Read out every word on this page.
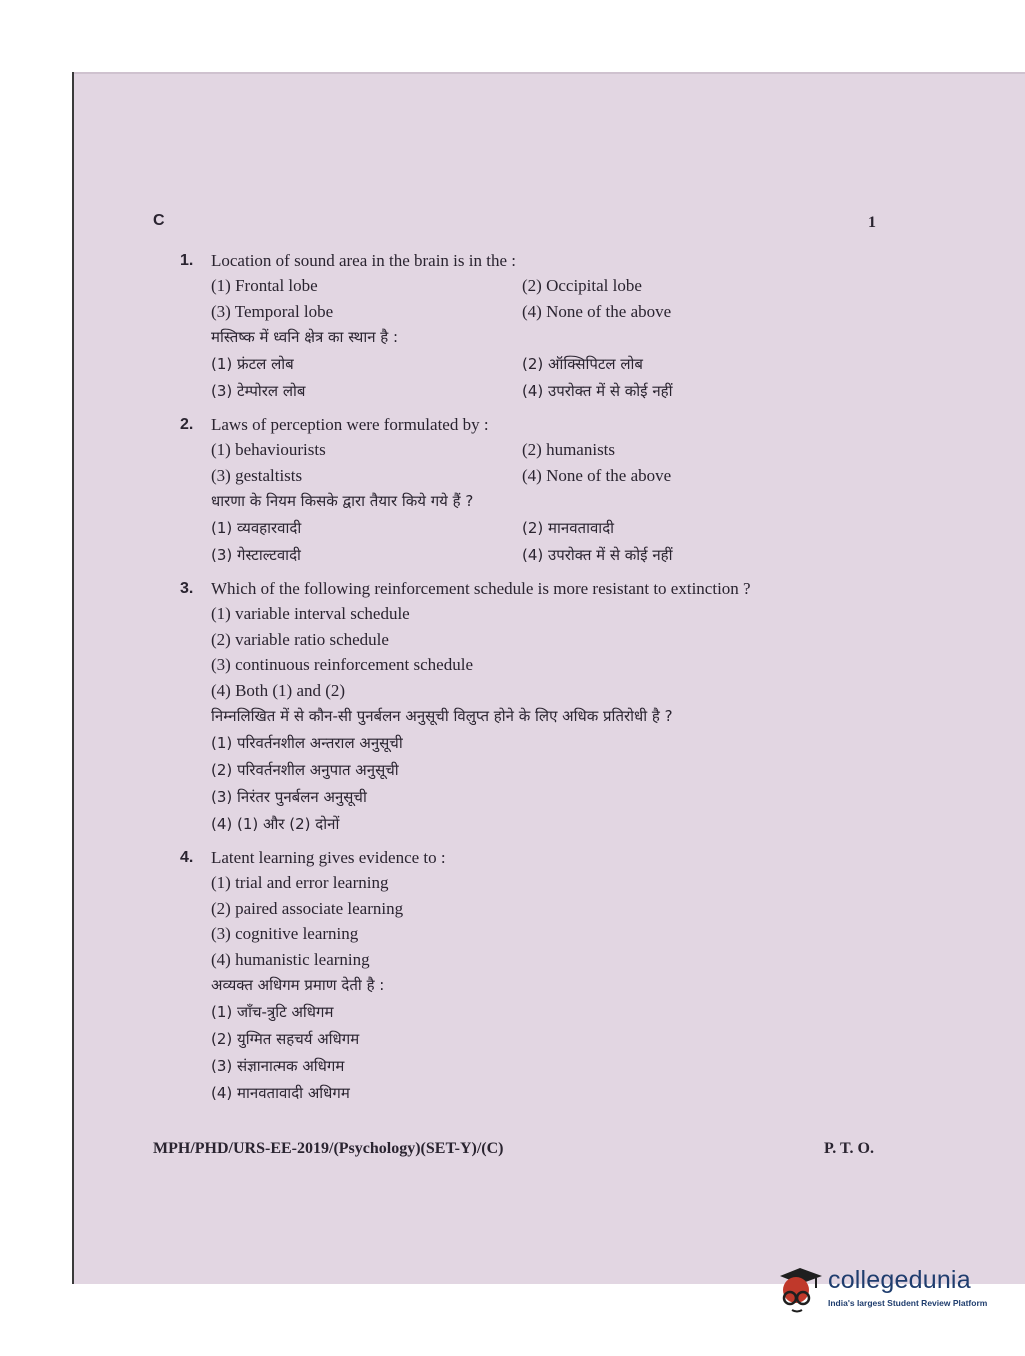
C	1
1.	Location of sound area in the brain is in the :
(1) Frontal lobe	(2) Occipital lobe
(3) Temporal lobe	(4) None of the above
मस्तिष्क में ध्वनि क्षेत्र का स्थान है :
(1) फ्रंटल लोब	(2) ऑक्सिपिटल लोब
(3) टेम्पोरल लोब	(4) उपरोक्त में से कोई नहीं
2.	Laws of perception were formulated by :
(1) behaviourists	(2) humanists
(3) gestaltists	(4) None of the above
धारणा के नियम किसके द्वारा तैयार किये गये हैं ?
(1) व्यवहारवादी	(2) मानवतावादी
(3) गेस्टाल्टवादी	(4) उपरोक्त में से कोई नहीं
3.	Which of the following reinforcement schedule is more resistant to extinction ?
(1) variable interval schedule
(2) variable ratio schedule
(3) continuous reinforcement schedule
(4) Both (1) and (2)
निम्नलिखित में से कौन-सी पुनर्बलन अनुसूची विलुप्त होने के लिए अधिक प्रतिरोधी है ?
(1) परिवर्तनशील अन्तराल अनुसूची
(2) परिवर्तनशील अनुपात अनुसूची
(3) निरंतर पुनर्बलन अनुसूची
(4) (1) और (2) दोनों
4.	Latent learning gives evidence to :
(1) trial and error learning
(2) paired associate learning
(3) cognitive learning
(4) humanistic learning
अव्यक्त अधिगम प्रमाण देती है :
(1) जाँच-त्रुटि अधिगम
(2) युग्मित सहचर्य अधिगम
(3) संज्ञानात्मक अधिगम
(4) मानवतावादी अधिगम
MPH/PHD/URS-EE-2019/(Psychology)(SET-Y)/(C)	P. T. O.
collegedunia
India's largest Student Review Platform
